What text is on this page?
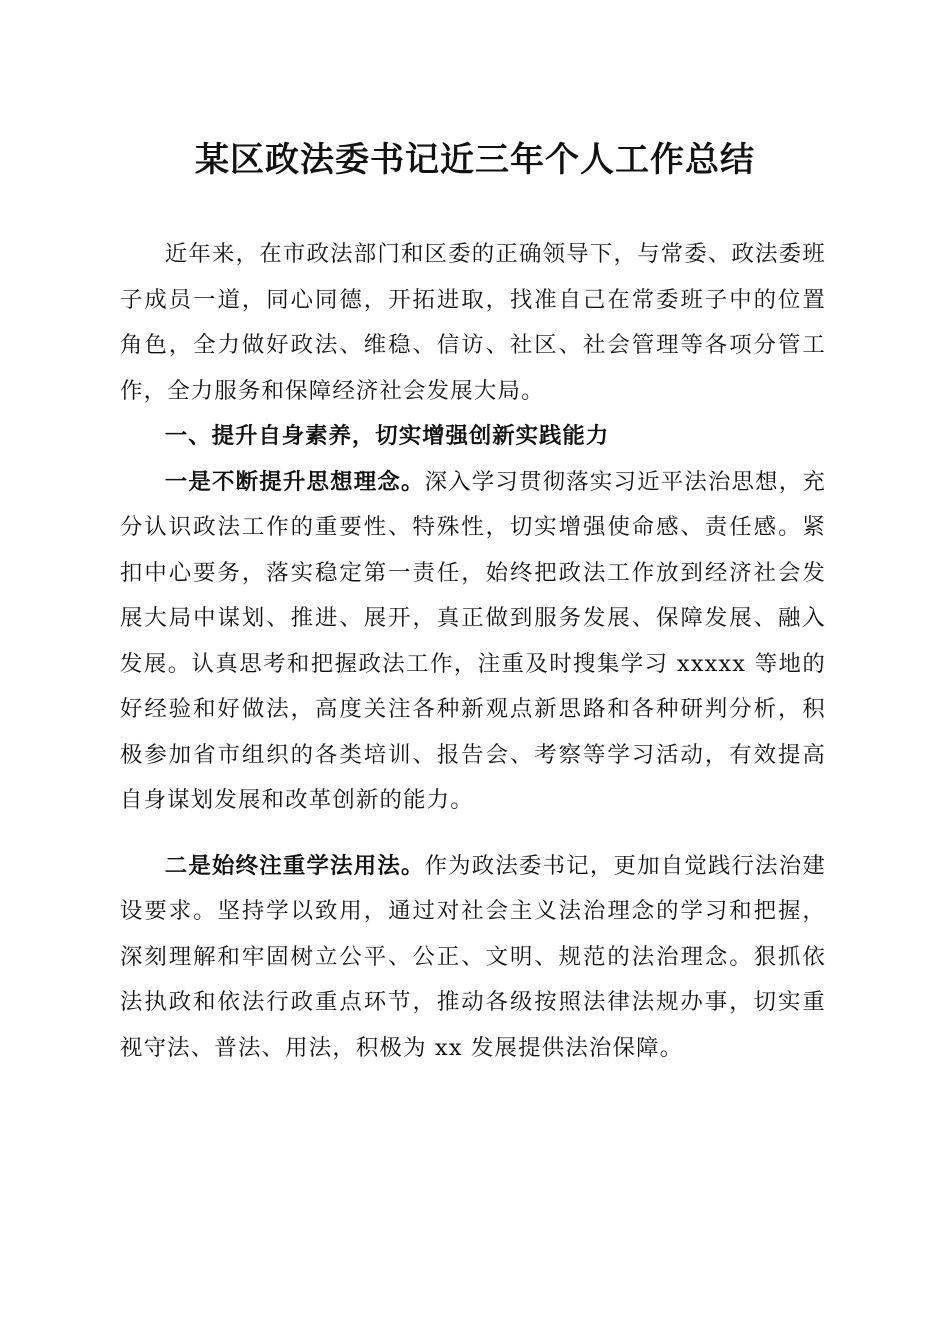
某区政法委书记近三年个人工作总结

近年来，在市政法部门和区委的正确领导下，与常委、政法委班子成员一道，同心同德，开拓进取，找准自己在常委班子中的位置角色，全力做好政法、维稳、信访、社区、社会管理等各项分管工作，全力服务和保障经济社会发展大局。

一、提升自身素养，切实增强创新实践能力

一是不断提升思想理念。深入学习贯彻落实习近平法治思想，充分认识政法工作的重要性、特殊性，切实增强使命感、责任感。紧扣中心要务，落实稳定第一责任，始终把政法工作放到经济社会发展大局中谋划、推进、展开，真正做到服务发展、保障发展、融入发展。认真思考和把握政法工作，注重及时搜集学习 xxxxx 等地的好经验和好做法，高度关注各种新观点新思路和各种研判分析，积极参加省市组织的各类培训、报告会、考察等学习活动，有效提高自身谋划发展和改革创新的能力。

二是始终注重学法用法。作为政法委书记，更加自觉践行法治建设要求。坚持学以致用，通过对社会主义法治理念的学习和把握，深刻理解和牢固树立公平、公正、文明、规范的法治理念。狠抓依法执政和依法行政重点环节，推动各级按照法律法规办事，切实重视守法、普法、用法，积极为 xx 发展提供法治保障。
